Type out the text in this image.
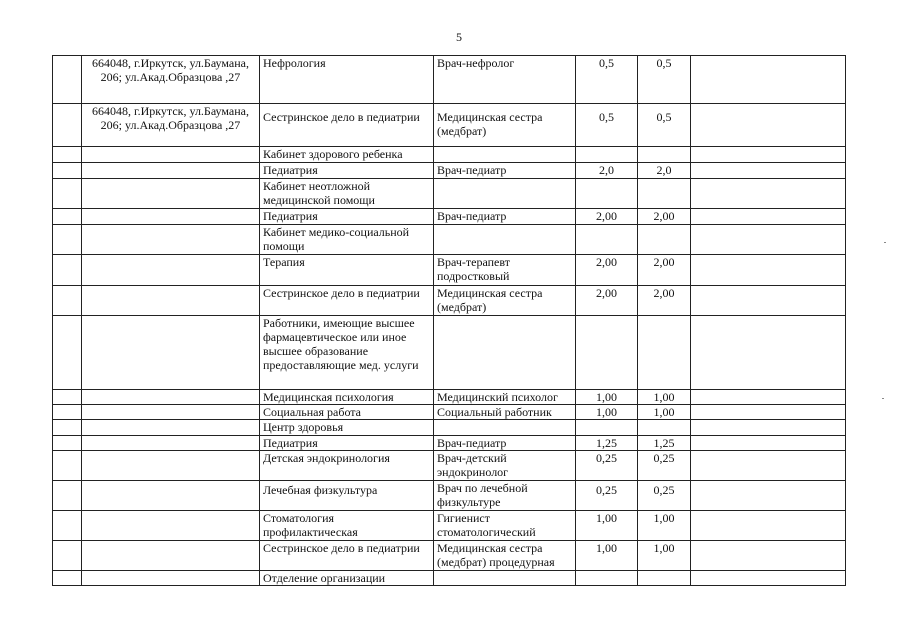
5
	664048, г.Иркутск, ул.Баумана, 206; ул.Акад.Образцова ,27	Нефрология	Врач-нефролог	0,5	0,5	
	664048, г.Иркутск, ул.Баумана, 206; ул.Акад.Образцова ,27	Сестринское дело в педиатрии	Медицинская сестра (медбрат)	0,5	0,5	
		Кабинет здорового ребенка				
		Педиатрия	Врач-педиатр	2,0	2,0	
		Кабинет неотложной медицинской помощи				
		Педиатрия	Врач-педиатр	2,00	2,00	
		Кабинет медико-социальной помощи				
		Терапия	Врач-терапевт подростковый	2,00	2,00	
		Сестринское дело в педиатрии	Медицинская сестра (медбрат)	2,00	2,00	
		Работники, имеющие высшее фармацевтическое или иное высшее образование предоставляющие мед. услуги				
		Медицинская психология	Медицинский психолог	1,00	1,00	
		Социальная работа	Социальный работник	1,00	1,00	
		Центр здоровья				
		Педиатрия	Врач-педиатр	1,25	1,25	
		Детская эндокринология	Врач-детский эндокринолог	0,25	0,25	
		Лечебная физкультура	Врач по лечебной физкультуре	0,25	0,25	
		Стоматология профилактическая	Гигиенист стоматологический	1,00	1,00	
		Сестринское дело в педиатрии	Медицинская сестра (медбрат) процедурная	1,00	1,00	
		Отделение организации				
